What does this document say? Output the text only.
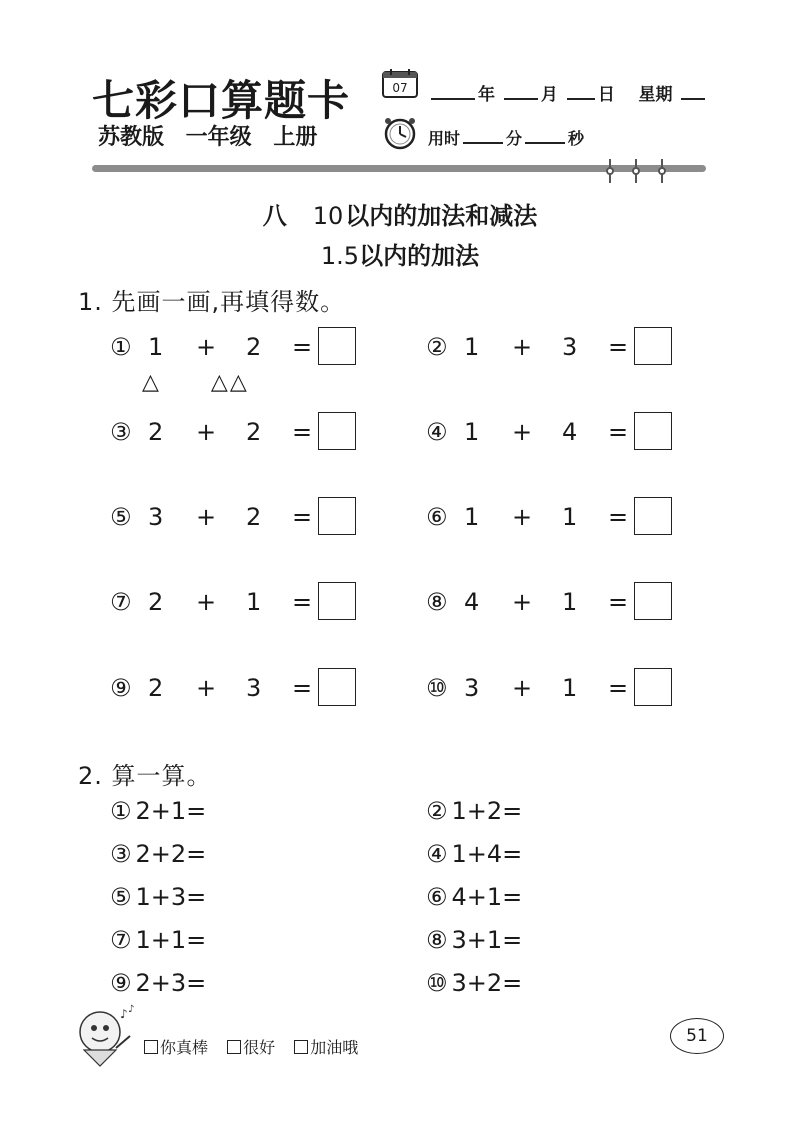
七彩口算题卡
苏教版 一年级 上册
07	年	月 日 星期
用时	分	秒
八 10以内的加法和减法
1.5以内的加法
1. 先画一画,再填得数。
△ △△
① 1 + 2 =	② 1 + 3 =
③ 2 + 2 =	④ 1 + 4 =
⑤ 3 + 2 =	⑥ 1 + 1 =
⑦ 2 + 1 =	⑧ 4 + 1 =
⑨ 2 + 3 =	⑩ 3 + 1 =
2. 算一算。
① 2+1=	② 1+2=
③ 2+2=	④ 1+4=
⑤ 1+3=	⑥ 4+1=
⑦ 1+1=	⑧ 3+1=
⑨ 2+3=	⑩ 3+2=
♪ ♪
你真棒 很好 加油哦
51
